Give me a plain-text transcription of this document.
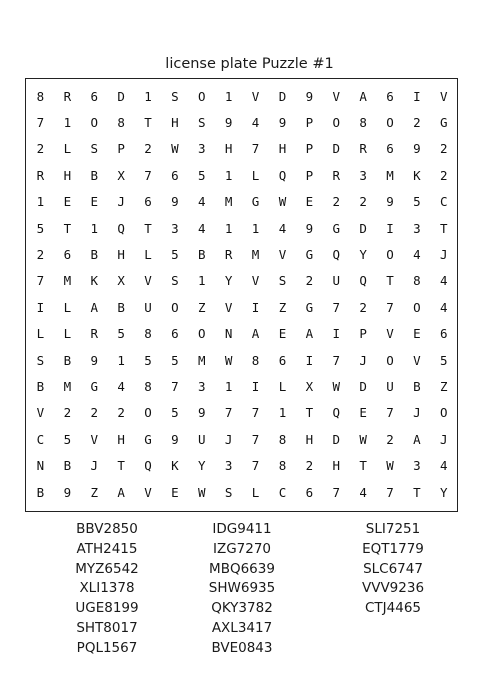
license plate Puzzle #1
8	R	6	D	1	S	O	1	V	D	9	V	A	6	I	V
7	1	O	8	T	H	S	9	4	9	P	O	8	O	2	G
2	L	S	P	2	W	3	H	7	H	P	D	R	6	9	2
R	H	B	X	7	6	5	1	L	Q	P	R	3	M	K	2
1	E	E	J	6	9	4	M	G	W	E	2	2	9	5	C
5	T	1	Q	T	3	4	1	1	4	9	G	D	I	3	T
2	6	B	H	L	5	B	R	M	V	G	Q	Y	O	4	J
7	M	K	X	V	S	1	Y	V	S	2	U	Q	T	8	4
I	L	A	B	U	O	Z	V	I	Z	G	7	2	7	O	4
L	L	R	5	8	6	O	N	A	E	A	I	P	V	E	6
S	B	9	1	5	5	M	W	8	6	I	7	J	O	V	5
B	M	G	4	8	7	3	1	I	L	X	W	D	U	B	Z
V	2	2	2	O	5	9	7	7	1	T	Q	E	7	J	O
C	5	V	H	G	9	U	J	7	8	H	D	W	2	A	J
N	B	J	T	Q	K	Y	3	7	8	2	H	T	W	3	4
B	9	Z	A	V	E	W	S	L	C	6	7	4	7	T	Y
BBV2850
ATH2415
MYZ6542
XLI1378
UGE8199
SHT8017
PQL1567
IDG9411
IZG7270
MBQ6639
SHW6935
QKY3782
AXL3417
BVE0843
SLI7251
EQT1779
SLC6747
VVV9236
CTJ4465
